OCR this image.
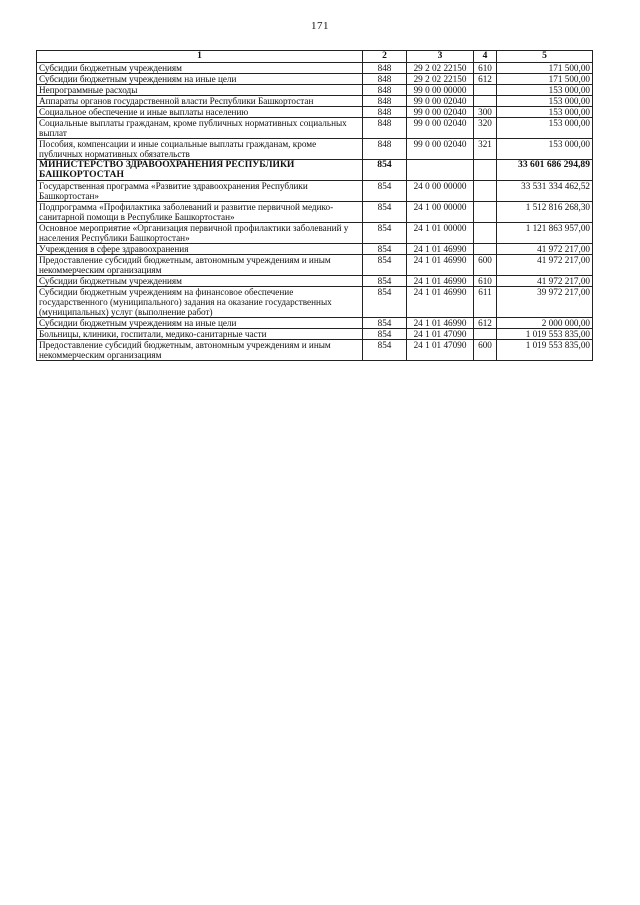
171
1	2	3	4	5
Субсидии бюджетным учреждениям	848	29 2 02 22150	610	171 500,00
Субсидии бюджетным учреждениям на иные цели	848	29 2 02 22150	612	171 500,00
Непрограммные расходы	848	99 0 00 00000		153 000,00
Аппараты органов государственной власти Республики Башкортостан	848	99 0 00 02040		153 000,00
Социальное обеспечение и иные выплаты населению	848	99 0 00 02040	300	153 000,00
Социальные выплаты гражданам, кроме публичных нормативных социальных выплат	848	99 0 00 02040	320	153 000,00
Пособия, компенсации и иные социальные выплаты гражданам, кроме публичных нормативных обязательств	848	99 0 00 02040	321	153 000,00
МИНИСТЕРСТВО ЗДРАВООХРАНЕНИЯ РЕСПУБЛИКИ БАШКОРТОСТАН	854			33 601 686 294,89
Государственная программа «Развитие здравоохранения Республики Башкортостан»	854	24 0 00 00000		33 531 334 462,52
Подпрограмма «Профилактика заболеваний и развитие первичной медико-санитарной помощи в Республике Башкортостан»	854	24 1 00 00000		1 512 816 268,30
Основное мероприятие «Организация первичной профилактики заболеваний у населения Республики Башкортостан»	854	24 1 01 00000		1 121 863 957,00
Учреждения в сфере здравоохранения	854	24 1 01 46990		41 972 217,00
Предоставление субсидий бюджетным, автономным учреждениям и иным некоммерческим организациям	854	24 1 01 46990	600	41 972 217,00
Субсидии бюджетным учреждениям	854	24 1 01 46990	610	41 972 217,00
Субсидии бюджетным учреждениям на финансовое обеспечение государственного (муниципального) задания на оказание государственных (муниципальных) услуг (выполнение работ)	854	24 1 01 46990	611	39 972 217,00
Субсидии бюджетным учреждениям на иные цели	854	24 1 01 46990	612	2 000 000,00
Больницы, клиники, госпитали, медико-санитарные части	854	24 1 01 47090		1 019 553 835,00
Предоставление субсидий бюджетным, автономным учреждениям и иным некоммерческим организациям	854	24 1 01 47090	600	1 019 553 835,00
